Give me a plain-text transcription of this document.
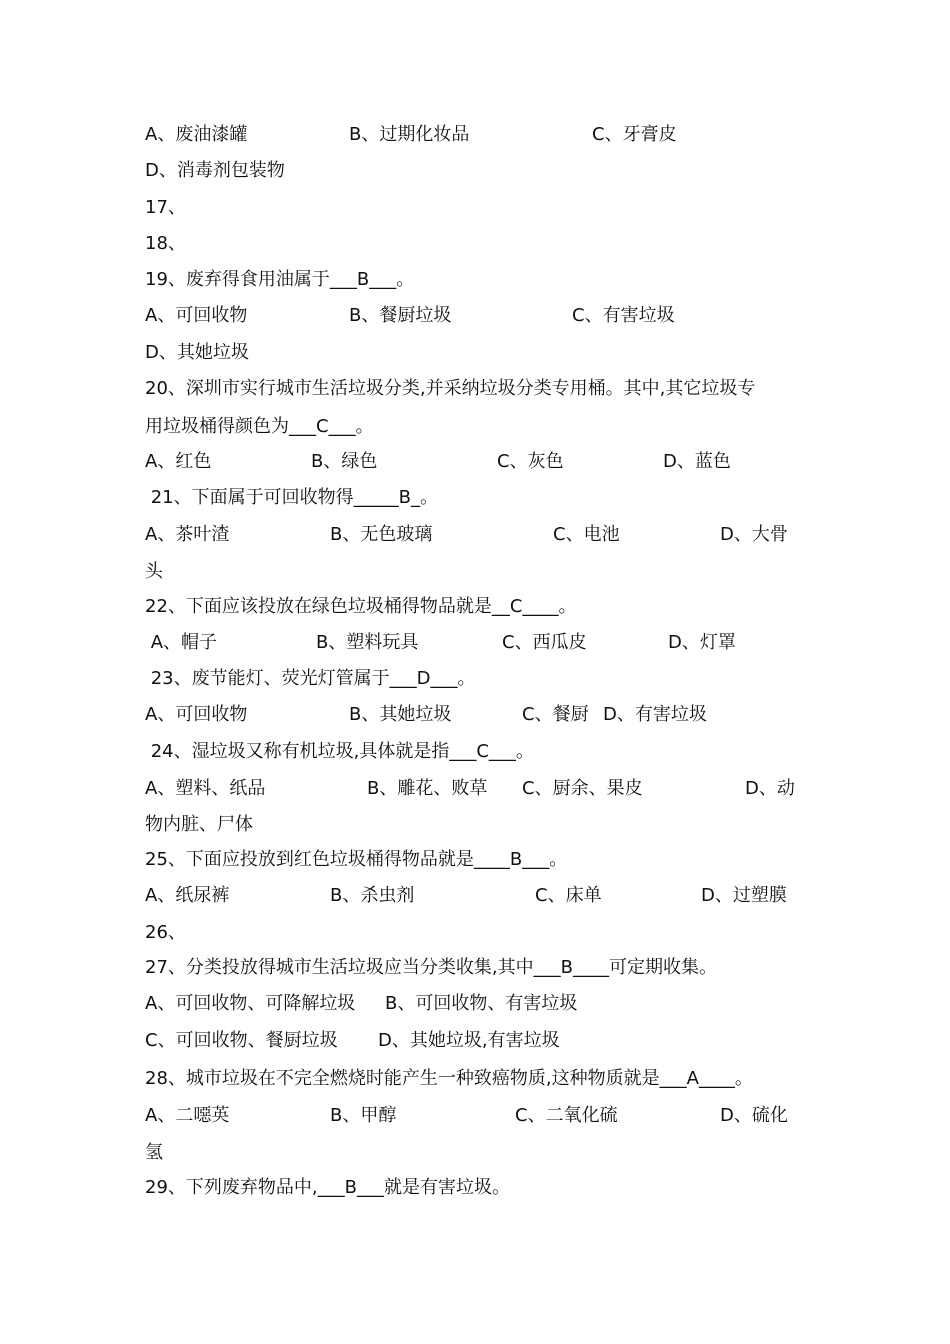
A、废油漆罐	B、过期化妆品	C、牙膏皮
D、消毒剂包装物
17、
18、
19、废弃得食用油属于___B___。
A、可回收物	B、餐厨垃圾	C、有害垃圾
D、其她垃圾
20、深圳市实行城市生活垃圾分类,并采纳垃圾分类专用桶。其中,其它垃圾专
用垃圾桶得颜色为___C___。
A、红色	B、绿色	C、灰色	D、蓝色
21、下面属于可回收物得_____B_。
A、茶叶渣	B、无色玻璃	C、电池	D、大骨
头
22、下面应该投放在绿色垃圾桶得物品就是__C____。
A、帽子	B、塑料玩具	C、西瓜皮	D、灯罩
23、废节能灯、荧光灯管属于___D___。
A、可回收物	B、其她垃圾	C、餐厨 D、有害垃圾
24、湿垃圾又称有机垃圾,具体就是指___C___。
A、塑料、纸品	B、雕花、败草 C、厨余、果皮	D、动
物内脏、尸体
25、下面应投放到红色垃圾桶得物品就是____B___。
A、纸尿裤	B、杀虫剂	C、床单	D、过塑膜
26、
27、分类投放得城市生活垃圾应当分类收集,其中___B____可定期收集。
A、可回收物、可降解垃圾 B、可回收物、有害垃圾
C、可回收物、餐厨垃圾 D、其她垃圾,有害垃圾
28、城市垃圾在不完全燃烧时能产生一种致癌物质,这种物质就是___A____。
A、二噁英	B、甲醇	C、二氧化硫	D、硫化
氢
29、下列废弃物品中,___B___就是有害垃圾。
